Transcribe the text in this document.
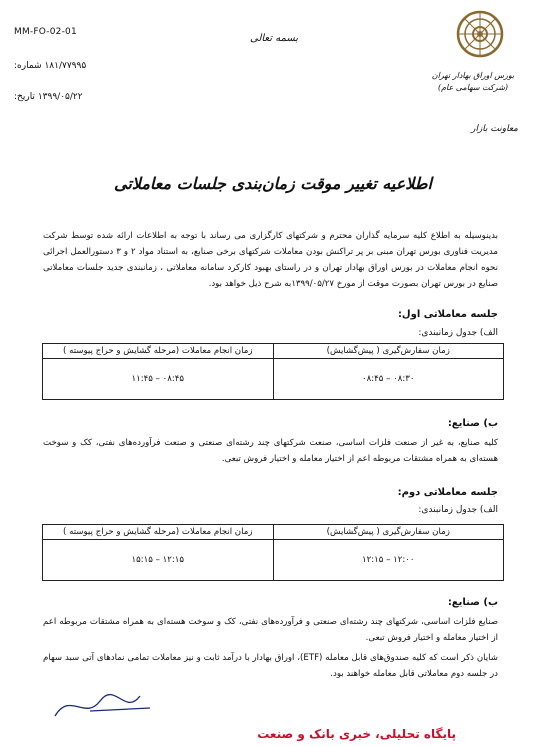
MM-FO-02-01
۱۸۱/۷۷۹۹۵ شماره:
۱۳۹۹/۰۵/۲۲ تاریخ:
بسمه تعالی
بورس اوراق بهادار تهران (شرکت سهامی عام)
معاونت بازار
اطلاعیه تغییر موقت زمان‌بندی جلسات معاملاتی
بدینوسیله به اطلاع کلیه سرمایه گذاران محترم و شرکتهای کارگزاری می رساند با توجه به اطلاعات ارائه شده توسط شرکت مدیریت فناوری بورس تهران مبنی بر پر تراکنش بودن معاملات شرکتهای برخی صنایع، به استناد مواد ۲ و ۳ دستورالعمل اجرائی نحوه انجام معاملات در بورس اوراق بهادار تهران و در راستای بهبود کارکرد سامانه معاملاتی ، زمانبندی جدید جلسات معاملاتی صنایع در بورس تهران بصورت موقت از مورخ ۱۳۹۹/۰۵/۲۷به شرح ذیل خواهد بود.
جلسه معاملاتی اول:
الف) جدول زمانبندی:
زمان سفارش‌گیری ( پیش‌گشایش)	زمان انجام معاملات (مرحله گشایش و حراج پیوسته )
۰۸:۳۰ – ۰۸:۴۵	۰۸:۴۵ – ۱۱:۴۵
ب) صنایع:
کلیه صنایع، به غیر از صنعت فلزات اساسی، صنعت شرکتهای چند رشته‌ای صنعتی و صنعت فرآورده‌های نفتی، کک و سوخت هسته‌ای به همراه مشتقات مربوطه اعم از اختیار معامله و اختیار فروش تبعی.
جلسه معاملاتی دوم:
الف) جدول زمانبندی:
زمان سفارش‌گیری ( پیش‌گشایش)	زمان انجام معاملات (مرحله گشایش و حراج پیوسته )
۱۲:۰۰ – ۱۲:۱۵	۱۲:۱۵ – ۱۵:۱۵
ب) صنایع:
صنایع فلزات اساسی، شرکتهای چند رشته‌ای صنعتی و فرآورده‌های نفتی، کک و سوخت هسته‌ای به همراه مشتقات مربوطه اعم از اختیار معامله و اختیار فروش تبعی.
شایان ذکر است که کلیه صندوق‌های قابل معامله (ETF)، اوراق بهادار با درآمد ثابت و نیز معاملات تمامی نمادهای آتی سبد سهام در جلسه دوم معاملاتی قابل معامله خواهند بود.
پایگاه تحلیلی، خبری بانک و صنعت
